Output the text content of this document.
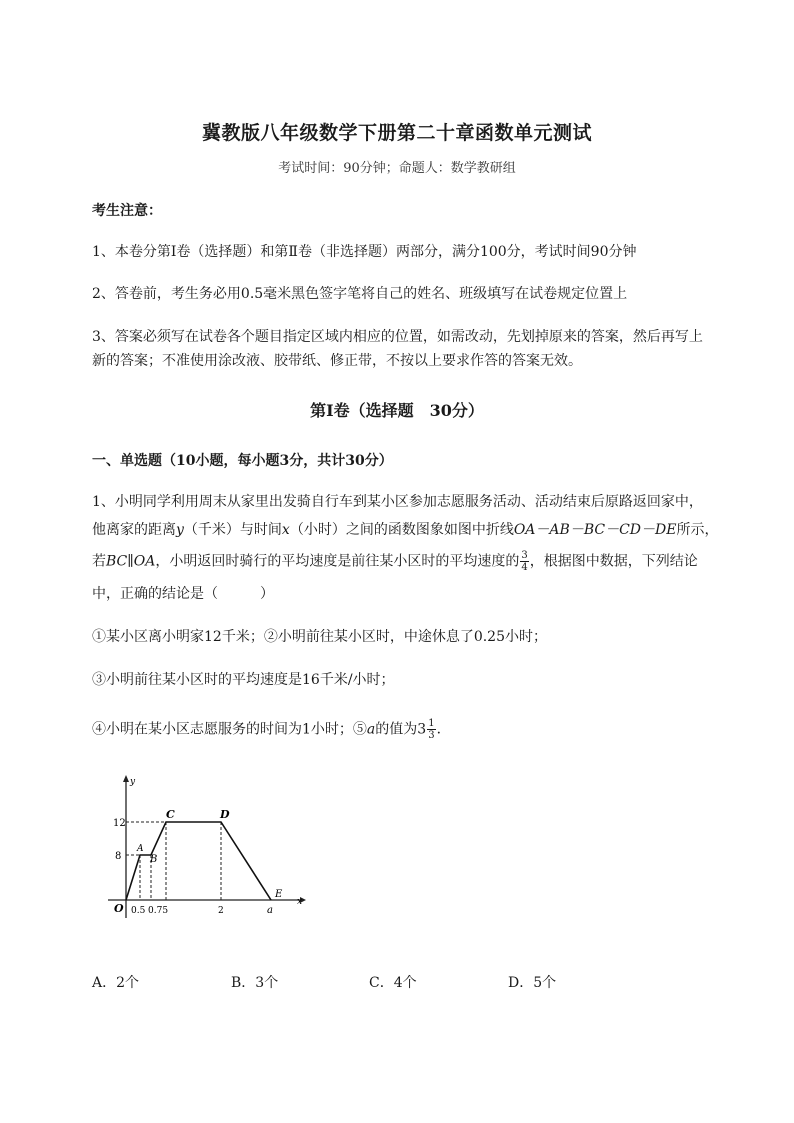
冀教版八年级数学下册第二十章函数单元测试
考试时间：90分钟；命题人：数学教研组
考生注意：
1、本卷分第I卷（选择题）和第Ⅱ卷（非选择题）两部分，满分100分，考试时间90分钟
2、答卷前，考生务必用0.5毫米黑色签字笔将自己的姓名、班级填写在试卷规定位置上
3、答案必须写在试卷各个题目指定区域内相应的位置，如需改动，先划掉原来的答案，然后再写上新的答案；不准使用涂改液、胶带纸、修正带，不按以上要求作答的答案无效。
第I卷（选择题　30分）
一、单选题（10小题，每小题3分，共计30分）
1、小明同学利用周末从家里出发骑自行车到某小区参加志愿服务活动、活动结束后原路返回家中，
他离家的距离y（千米）与时间x（小时）之间的函数图象如图中折线OA－AB－BC－CD－DE所示，
若BC∥OA，小明返回时骑行的平均速度是前往某小区时的平均速度的 $\frac{3}{4}$ ，根据图中数据，下列结论
中，正确的结论是（　　　）
①某小区离小明家12千米；②小明前往某小区时，中途休息了0.25小时；
③小明前往某小区时的平均速度是16千米/小时；
④小明在某小区志愿服务的时间为1小时；⑤a的值为$3 \frac{1}{3}$ ．
y
x
O
12
8
0.5 0.75	2	a
A
B
C	D
E
A．2个	B．3个	C．4个	D．5个
